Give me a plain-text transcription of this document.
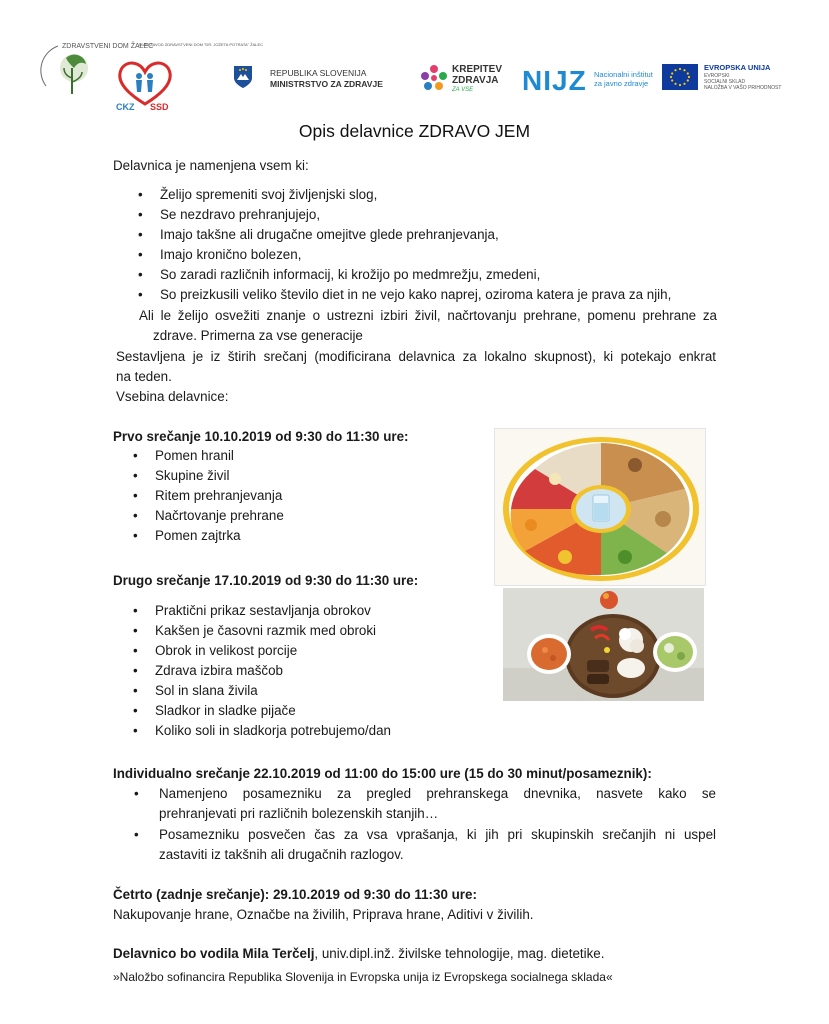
ZDRAVSTVENI DOM ŽALEC
JAVNI ZAVOD ZDRAVSTVENI DOM "DR. JOŽETA POTRATA" ŽALEC
CKZ SSD
REPUBLIKA SLOVENIJA
MINISTRSTVO ZA ZDRAVJE
KREPITEV
ZDRAVJA
ZA VSE NIJZ Nacionalni inštitut
za javno zdravje
EVROPSKA UNIJA
EVROPSKI
SOCIALNI SKLAD
NALOŽBA V VAŠO PRIHODNOST
Opis delavnice ZDRAVO JEM
Delavnica je namenjena vsem ki:
• Želijo spremeniti svoj življenjski slog,
• Se nezdravo prehranjujejo,
• Imajo takšne ali drugačne omejitve glede prehranjevanja,
• Imajo kronično bolezen,
• So zaradi različnih informacij, ki krožijo po medmrežju, zmedeni,
• So preizkusili veliko število diet in ne vejo kako naprej, oziroma katera je prava za njih,
Ali le želijo osvežiti znanje o ustrezni izbiri živil, načrtovanju prehrane, pomenu prehrane za
zdrave. Primerna za vse generacije
Sestavljena je iz štirih srečanj (modificirana delavnica za lokalno skupnost), ki potekajo enkrat
na teden.
Vsebina delavnice:
Prvo srečanje 10.10.2019 od 9:30 do 11:30 ure:
• Pomen hranil
• Skupine živil
• Ritem prehranjevanja
• Načrtovanje prehrane
• Pomen zajtrka
Drugo srečanje 17.10.2019 od 9:30 do 11:30 ure:
• Praktični prikaz sestavljanja obrokov
• Kakšen je časovni razmik med obroki
• Obrok in velikost porcije
• Zdrava izbira maščob
• Sol in slana živila
• Sladkor in sladke pijače
• Koliko soli in sladkorja potrebujemo/dan
Individualno srečanje 22.10.2019 od 11:00 do 15:00 ure (15 do 30 minut/posameznik):
• Namenjeno posamezniku za pregled prehranskega dnevnika, nasvete kako se
prehranjevati pri različnih bolezenskih stanjih…
• Posamezniku posvečen čas za vsa vprašanja, ki jih pri skupinskih srečanjih ni uspel
zastaviti iz takšnih ali drugačnih razlogov.
Četrto (zadnje srečanje): 29.10.2019 od 9:30 do 11:30 ure:
Nakupovanje hrane, Označbe na živilih, Priprava hrane, Aditivi v živilih.
Delavnico bo vodila Mila Terčelj, univ.dipl.inž. živilske tehnologije, mag. dietetike.
»Naložbo sofinancira Republika Slovenija in Evropska unija iz Evropskega socialnega sklada«
